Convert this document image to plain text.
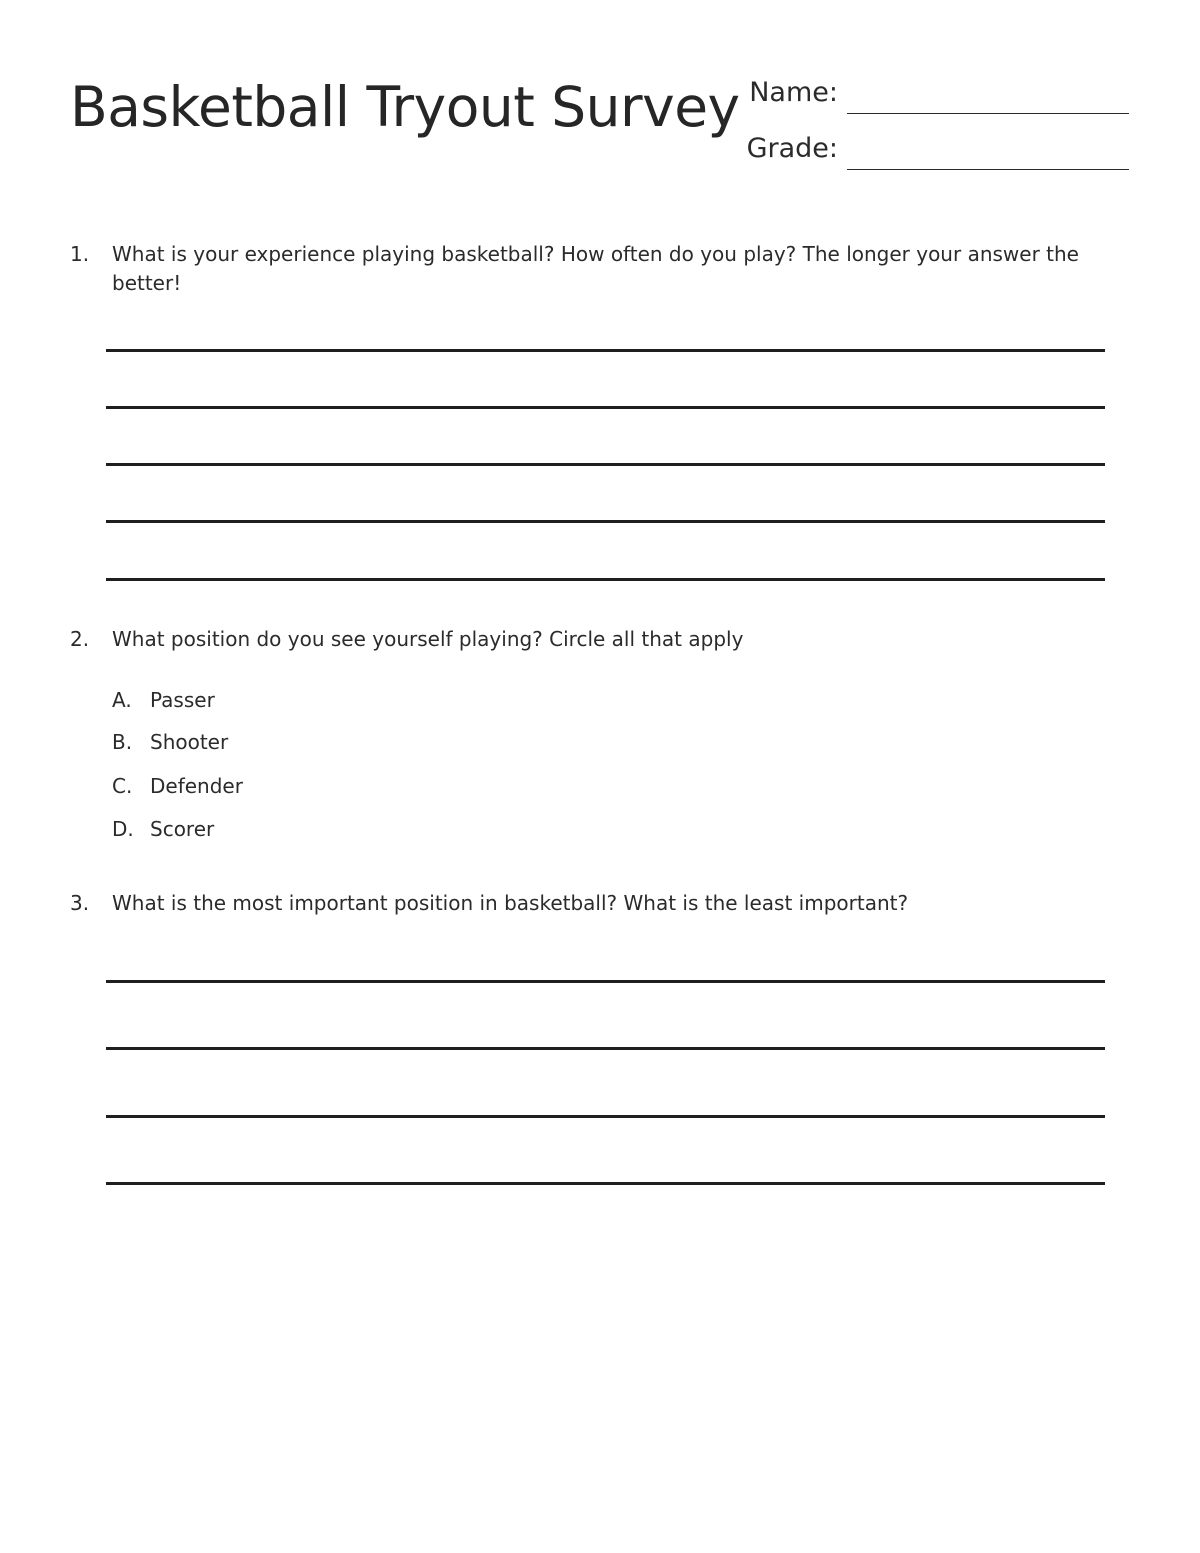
Basketball Tryout Survey Name:
Grade:
1. What is your experience playing basketball? How often do you play? The longer your answer the better!

2. What position do you see yourself playing? Circle all that apply

A. Passer
B. Shooter
C. Defender
D. Scorer
3. What is the most important position in basketball? What is the least important?
